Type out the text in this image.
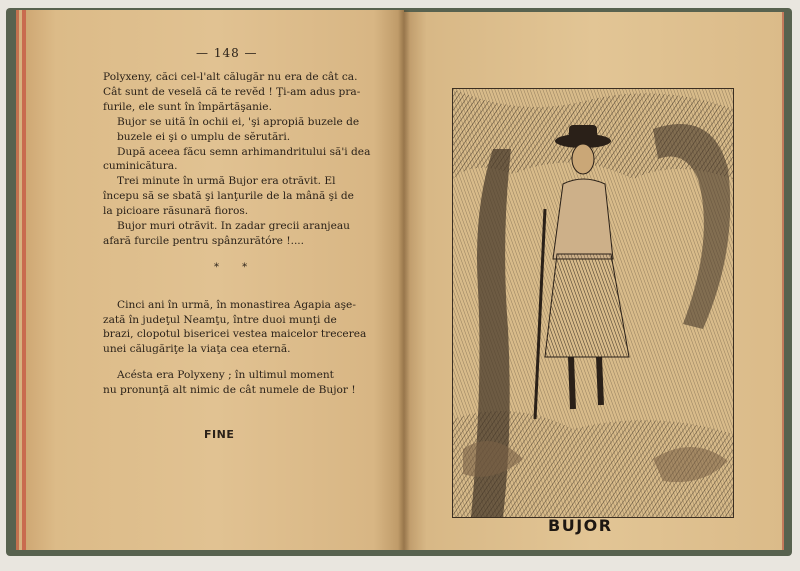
— 148 —

Polyxeny, căci cel-l'alt călugăr nu era de cât ca.
Cât sunt de veselă că te revĕd ! Ţi-am adus pra-
furile, ele sunt în împărtăşanie.

Bujor se uită în ochii ei, 'şi apropiă buzele de
buzele ei şi o umplu de sĕrutări.

După aceea făcu semn arhimandritului să'i dea
cuminicătura.

Trei minute în urmă Bujor era otrăvit. El
începu să se sbată şi lanţurile de la mână şi de
la picioare răsunară fioros.

Bujor muri otrăvit. In zadar grecii aranjeau
afară furcile pentru spânzurătóre !....

* *

Cinci ani în urmă, în monastirea Agapia aşe-
zată în judeţul Neamţu, între duoi munţi de
brazi, clopotul bisericei vestea maicelor trecerea
unei călugăriţe la viaţa cea eternă.

Acésta era Polyxeny ; în ultimul moment
nu pronunţă alt nimic de cât numele de Bujor !

FINE
BUJOR
